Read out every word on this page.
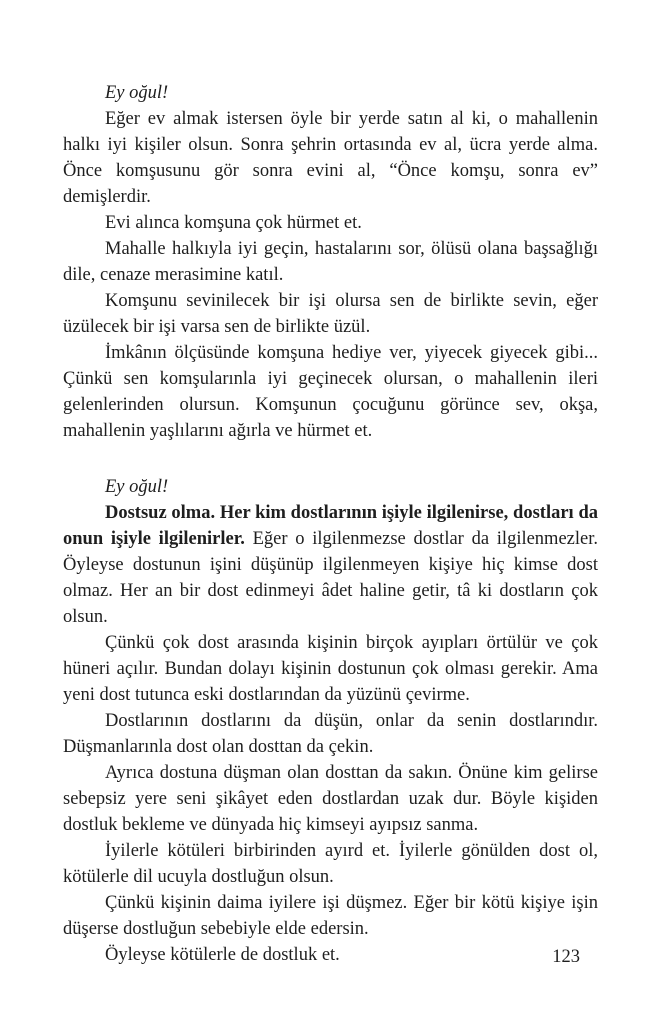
Ey oğul!

Eğer ev almak istersen öyle bir yerde satın al ki, o mahallenin halkı iyi kişiler olsun. Sonra şehrin ortasında ev al, ücra yerde alma. Önce komşusunu gör sonra evini al, “Önce komşu, sonra ev” demişlerdir.

Evi alınca komşuna çok hürmet et.

Mahalle halkıyla iyi geçin, hastalarını sor, ölüsü olana başsağlığı dile, cenaze merasimine katıl.

Komşunu sevinilecek bir işi olursa sen de birlikte sevin, eğer üzülecek bir işi varsa sen de birlikte üzül.

İmkânın ölçüsünde komşuna hediye ver, yiyecek giyecek gibi... Çünkü sen komşularınla iyi geçinecek olursan, o mahallenin ileri gelenlerinden olursun. Komşunun çocuğunu görünce sev, okşa, mahallenin yaşlılarını ağırla ve hürmet et.

Ey oğul!

Dostsuz olma. Her kim dostlarının işiyle ilgilenirse, dostları da onun işiyle ilgilenirler. Eğer o ilgilenmezse dostlar da ilgilenmezler. Öyleyse dostunun işini düşünüp ilgilenmeyen kişiye hiç kimse dost olmaz. Her an bir dost edinmeyi âdet haline getir, tâ ki dostların çok olsun.

Çünkü çok dost arasında kişinin birçok ayıpları örtülür ve çok hüneri açılır. Bundan dolayı kişinin dostunun çok olması gerekir. Ama yeni dost tutunca eski dostlarından da yüzünü çevirme.

Dostlarının dostlarını da düşün, onlar da senin dostlarındır. Düşmanlarınla dost olan dosttan da çekin.

Ayrıca dostuna düşman olan dosttan da sakın. Önüne kim gelirse sebepsiz yere seni şikâyet eden dostlardan uzak dur. Böyle kişiden dostluk bekleme ve dünyada hiç kimseyi ayıpsız sanma.

İyilerle kötüleri birbirinden ayırd et. İyilerle gönülden dost ol, kötülerle dil ucuyla dostluğun olsun.

Çünkü kişinin daima iyilere işi düşmez. Eğer bir kötü kişiye işin düşerse dostluğun sebebiyle elde edersin.

Öyleyse kötülerle de dostluk et.	123
